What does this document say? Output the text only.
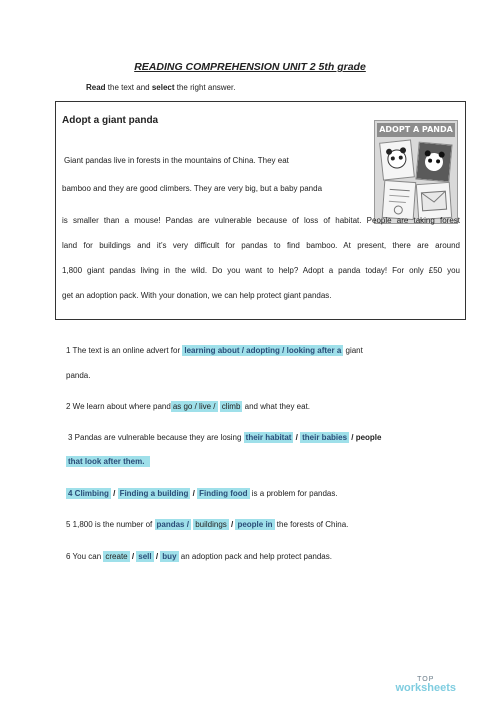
READING COMPREHENSION UNIT 2 5th grade
Read the text and select the right answer.
Adopt a giant panda
ADOPT A PANDA
Giant pandas live in forests in the mountains of China. They eat
bamboo and they are good climbers. They are very big, but a baby panda
is smaller than a mouse! Pandas are vulnerable because of loss of habitat. People are taking forest
land for buildings and it’s very difficult for pandas to find bamboo. At present, there are around
1,800 giant pandas living in the wild. Do you want to help? Adopt a panda today! For only £50 you
get an adoption pack. With your donation, we can help protect giant pandas.
1 The text is an online advert for learning about / adopting / looking after a giant
panda.
2 We learn about where pand as go / live / climb and what they eat.
3 Pandas are vulnerable because they are losing their habitat / their babies / people
that look after them.
4 Climbing / Finding a building / Finding food is a problem for pandas.
5 1,800 is the number of pandas / buildings / people in the forests of China.
6 You can create / sell / buy an adoption pack and help protect pandas.
TOP
worksheets
